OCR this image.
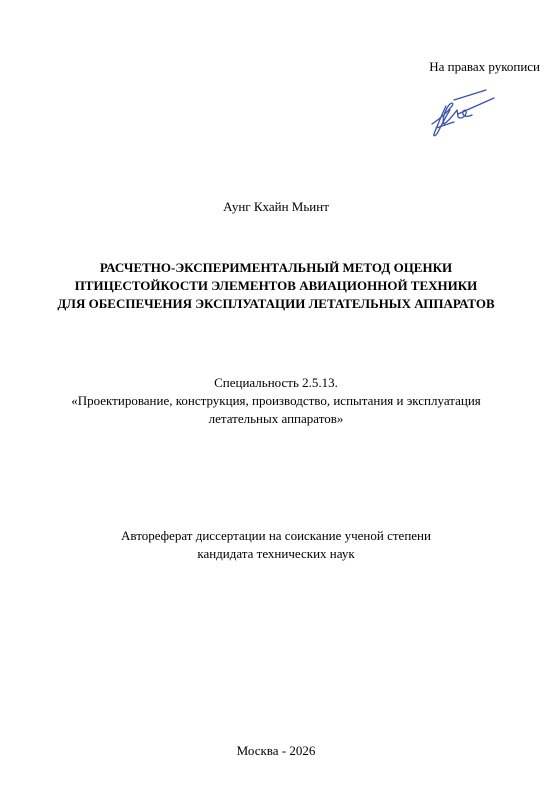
На правах рукописи
Аунг Кхайн Мьинт
РАСЧЕТНО-ЭКСПЕРИМЕНТАЛЬНЫЙ МЕТОД ОЦЕНКИ
ПТИЦЕСТОЙКОСТИ ЭЛЕМЕНТОВ АВИАЦИОННОЙ ТЕХНИКИ
ДЛЯ ОБЕСПЕЧЕНИЯ ЭКСПЛУАТАЦИИ ЛЕТАТЕЛЬНЫХ АППАРАТОВ
Специальность 2.5.13.
«Проектирование, конструкция, производство, испытания и эксплуатация
летательных аппаратов»
Автореферат диссертации на соискание ученой степени
кандидата технических наук
Москва - 2026
